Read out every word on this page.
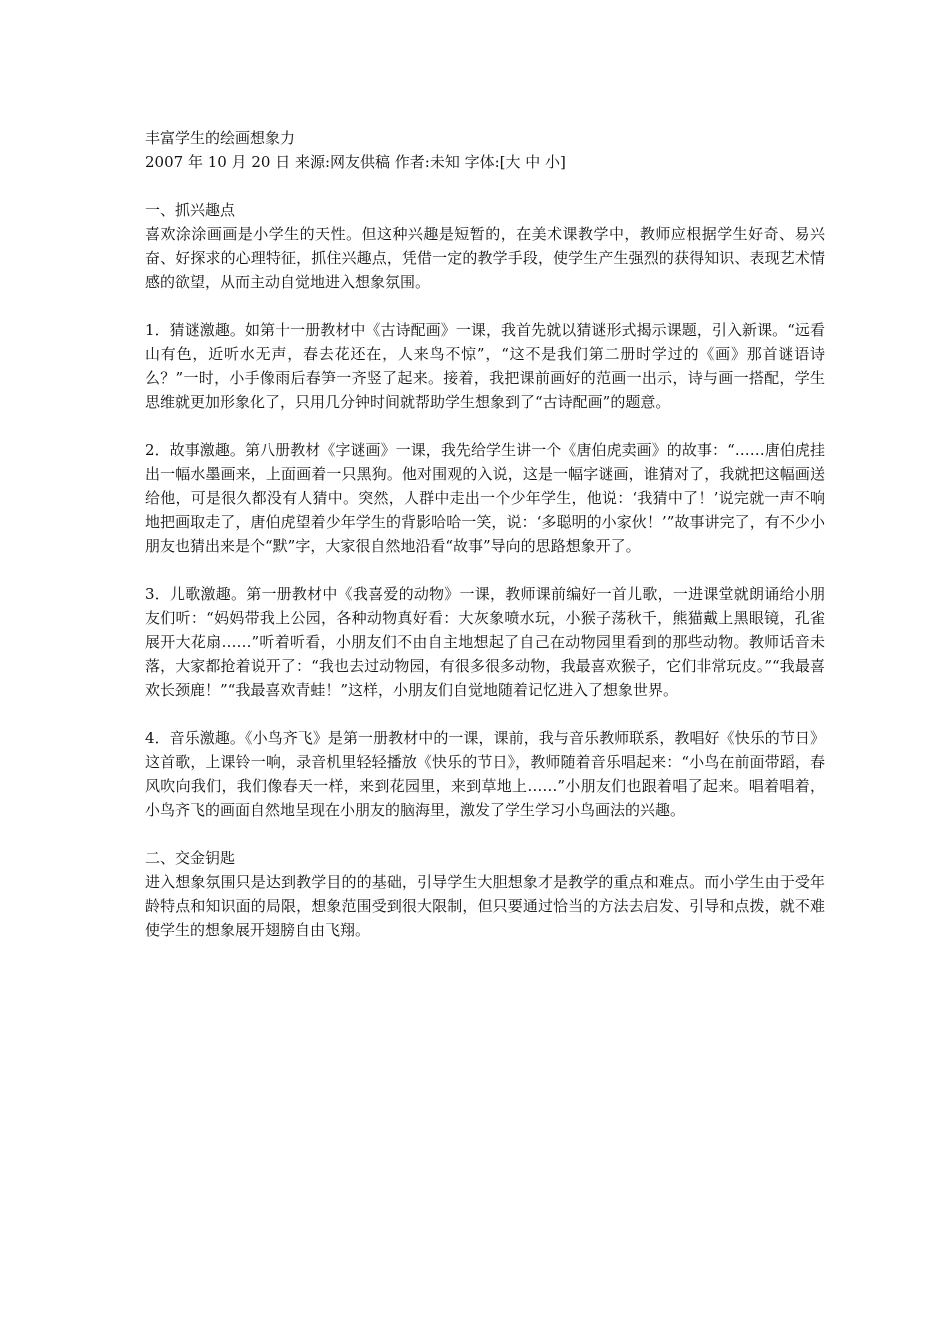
丰富学生的绘画想象力

2007 年 10 月 20 日 来源:网友供稿 作者:未知 字体:[大 中 小]

一、抓兴趣点

喜欢涂涂画画是小学生的天性。但这种兴趣是短暂的，在美术课教学中，教师应根据学生好奇、易兴奋、好探求的心理特征，抓住兴趣点，凭借一定的教学手段，使学生产生强烈的获得知识、表现艺术情感的欲望，从而主动自觉地进入想象氛围。

1．猜谜激趣。如第十一册教材中《古诗配画》一课，我首先就以猜谜形式揭示课题，引入新课。“远看山有色，近听水无声，春去花还在，人来鸟不惊”，“这不是我们第二册时学过的《画》那首谜语诗么？”一时，小手像雨后春笋一齐竖了起来。接着，我把课前画好的范画一出示，诗与画一搭配，学生思维就更加形象化了，只用几分钟时间就帮助学生想象到了“古诗配画”的题意。

2．故事激趣。第八册教材《字谜画》一课，我先给学生讲一个《唐伯虎卖画》的故事：“……唐伯虎挂出一幅水墨画来，上面画着一只黑狗。他对围观的入说，这是一幅字谜画，谁猜对了，我就把这幅画送给他，可是很久都没有人猜中。突然，人群中走出一个少年学生，他说：‘我猜中了！’说完就一声不响地把画取走了，唐伯虎望着少年学生的背影哈哈一笑，说：‘多聪明的小家伙！’”故事讲完了，有不少小朋友也猜出来是个“默”字，大家很自然地沿看“故事”导向的思路想象开了。

3．儿歌激趣。第一册教材中《我喜爱的动物》一课，教师课前编好一首儿歌，一进课堂就朗诵给小朋友们听：“妈妈带我上公园，各种动物真好看：大灰象喷水玩，小猴子荡秋千，熊猫戴上黑眼镜，孔雀展开大花扇……”听着听看，小朋友们不由自主地想起了自己在动物园里看到的那些动物。教师话音未落，大家都抢着说开了：“我也去过动物园，有很多很多动物，我最喜欢猴子，它们非常玩皮。”“我最喜欢长颈鹿！”“我最喜欢青蛙！”这样，小朋友们自觉地随着记忆进入了想象世界。

4．音乐激趣。《小鸟齐飞》是第一册教材中的一课，课前，我与音乐教师联系，教唱好《快乐的节日》这首歌，上课铃一响，录音机里轻轻播放《快乐的节日》，教师随着音乐唱起来：“小鸟在前面带蹈，春风吹向我们，我们像春天一样，来到花园里，来到草地上……”小朋友们也跟着唱了起来。唱着唱着，小鸟齐飞的画面自然地呈现在小朋友的脑海里，激发了学生学习小鸟画法的兴趣。

二、交金钥匙

进入想象氛围只是达到教学目的的基础，引导学生大胆想象才是教学的重点和难点。而小学生由于受年龄特点和知识面的局限，想象范围受到很大限制，但只要通过恰当的方法去启发、引导和点拨，就不难使学生的想象展开翅膀自由飞翔。
